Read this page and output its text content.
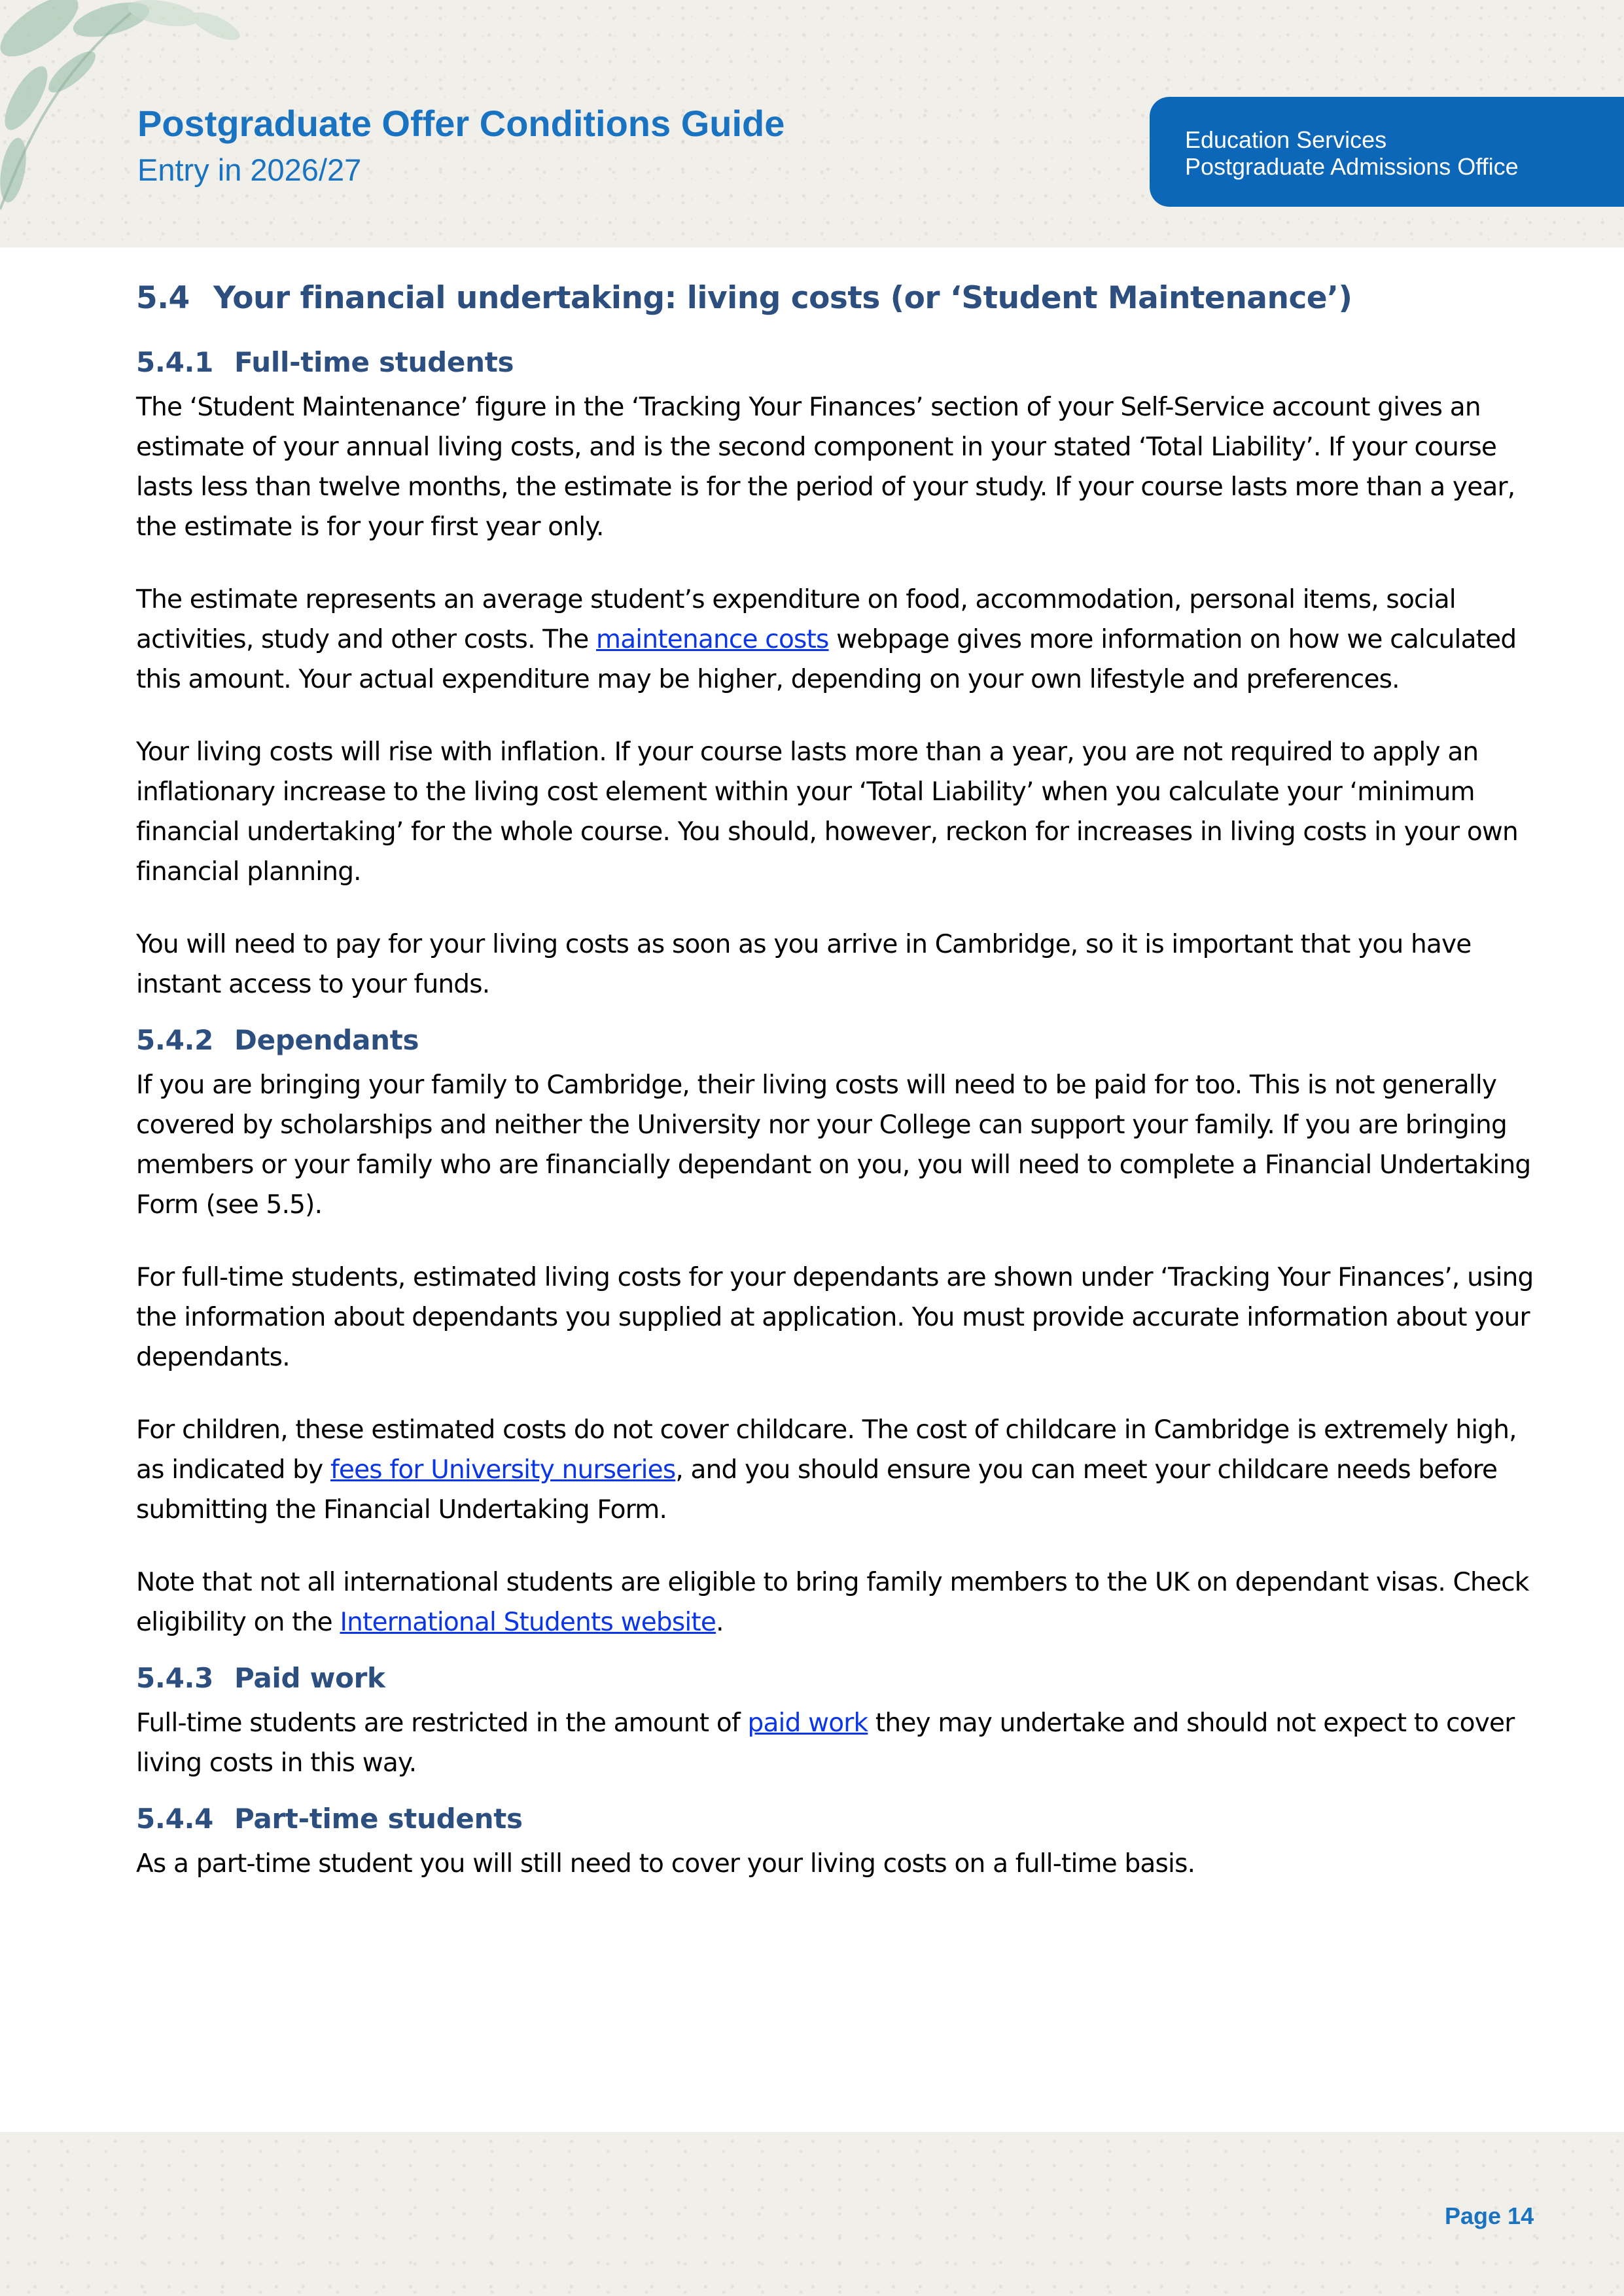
Postgraduate Offer Conditions Guide
Entry in 2026/27
Education Services
Postgraduate Admissions Office
5.4 Your financial undertaking: living costs (or ‘Student Maintenance’)
5.4.1 Full-time students

The ‘Student Maintenance’ figure in the ‘Tracking Your Finances’ section of your Self-Service account gives an estimate of your annual living costs, and is the second component in your stated ‘Total Liability’. If your course lasts less than twelve months, the estimate is for the period of your study. If your course lasts more than a year, the estimate is for your first year only.

The estimate represents an average student’s expenditure on food, accommodation, personal items, social activities, study and other costs. The maintenance costs webpage gives more information on how we calculated this amount. Your actual expenditure may be higher, depending on your own lifestyle and preferences.

Your living costs will rise with inflation. If your course lasts more than a year, you are not required to apply an inflationary increase to the living cost element within your ‘Total Liability’ when you calculate your ‘minimum financial undertaking’ for the whole course. You should, however, reckon for increases in living costs in your own financial planning.

You will need to pay for your living costs as soon as you arrive in Cambridge, so it is important that you have instant access to your funds.

5.4.2 Dependants

If you are bringing your family to Cambridge, their living costs will need to be paid for too. This is not generally covered by scholarships and neither the University nor your College can support your family. If you are bringing members or your family who are financially dependant on you, you will need to complete a Financial Undertaking Form (see 5.5).

For full-time students, estimated living costs for your dependants are shown under ‘Tracking Your Finances’, using the information about dependants you supplied at application. You must provide accurate information about your dependants.

For children, these estimated costs do not cover childcare. The cost of childcare in Cambridge is extremely high, as indicated by fees for University nurseries, and you should ensure you can meet your childcare needs before submitting the Financial Undertaking Form.

Note that not all international students are eligible to bring family members to the UK on dependant visas. Check eligibility on the International Students website.

5.4.3 Paid work

Full-time students are restricted in the amount of paid work they may undertake and should not expect to cover living costs in this way.

5.4.4 Part-time students

As a part-time student you will still need to cover your living costs on a full-time basis.

Page 14
